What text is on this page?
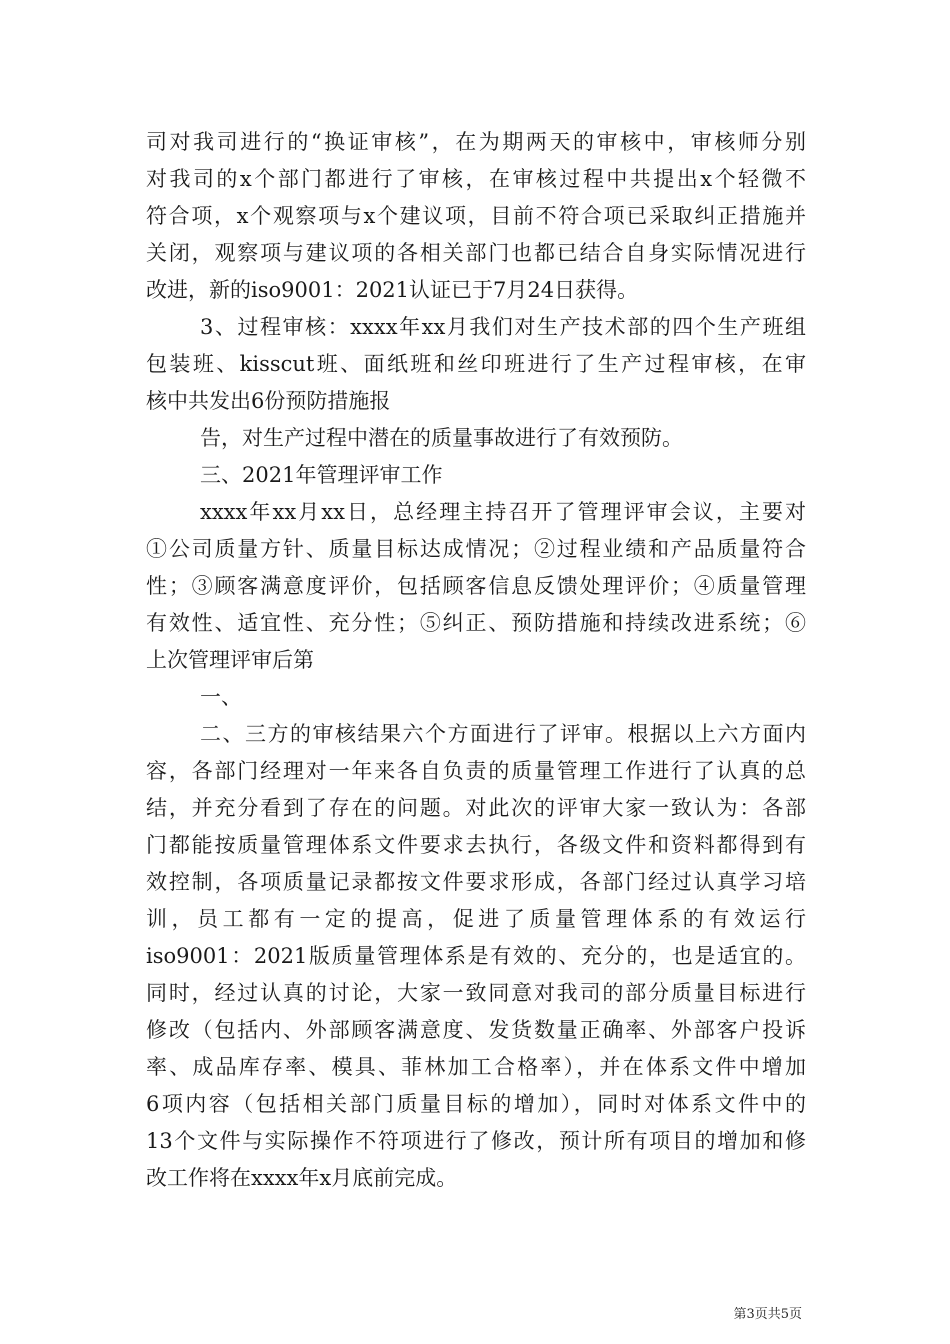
司对我司进行的“换证审核”，在为期两天的审核中，审核师分别
对我司的x个部门都进行了审核，在审核过程中共提出x个轻微不
符合项，x个观察项与x个建议项，目前不符合项已采取纠正措施并
关闭，观察项与建议项的各相关部门也都已结合自身实际情况进行
改进，新的iso9001：2021认证已于7月24日获得。
3、过程审核：xxxx年xx月我们对生产技术部的四个生产班组
包装班、kisscut班、面纸班和丝印班进行了生产过程审核，在审
核中共发出6份预防措施报
告，对生产过程中潜在的质量事故进行了有效预防。
三、2021年管理评审工作
xxxx年xx月xx日，总经理主持召开了管理评审会议，主要对
①公司质量方针、质量目标达成情况；②过程业绩和产品质量符合
性；③顾客满意度评价，包括顾客信息反馈处理评价；④质量管理
有效性、适宜性、充分性；⑤纠正、预防措施和持续改进系统；⑥
上次管理评审后第
一、
二、三方的审核结果六个方面进行了评审。根据以上六方面内
容，各部门经理对一年来各自负责的质量管理工作进行了认真的总
结，并充分看到了存在的问题。对此次的评审大家一致认为：各部
门都能按质量管理体系文件要求去执行，各级文件和资料都得到有
效控制，各项质量记录都按文件要求形成，各部门经过认真学习培
训，员工都有一定的提高，促进了质量管理体系的有效运行
iso9001：2021版质量管理体系是有效的、充分的，也是适宜的。
同时，经过认真的讨论，大家一致同意对我司的部分质量目标进行
修改（包括内、外部顾客满意度、发货数量正确率、外部客户投诉
率、成品库存率、模具、菲林加工合格率），并在体系文件中增加
6项内容（包括相关部门质量目标的增加），同时对体系文件中的
13个文件与实际操作不符项进行了修改，预计所有项目的增加和修
改工作将在xxxx年x月底前完成。
第3页共5页
